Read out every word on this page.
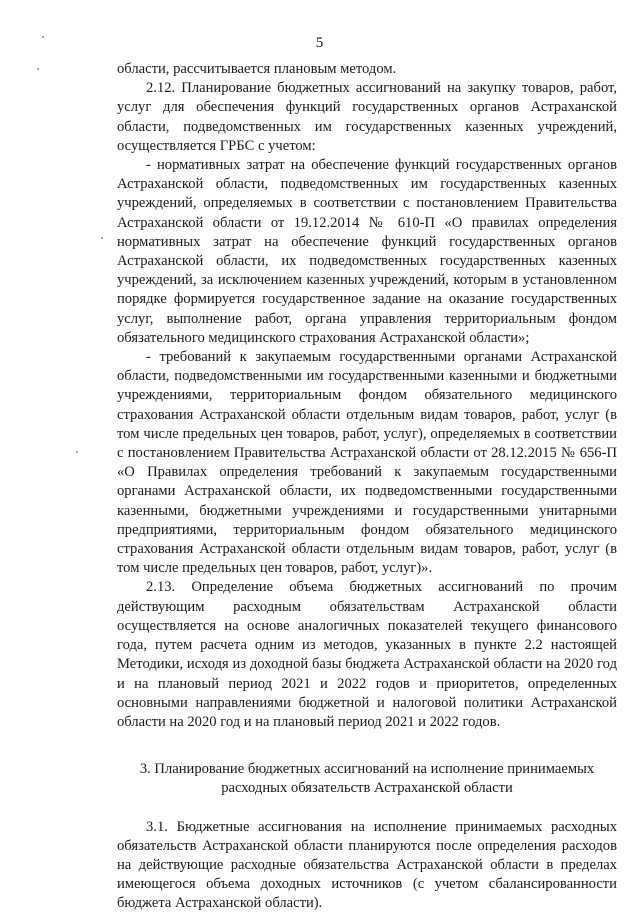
5

области, рассчитывается плановым методом.

2.12. Планирование бюджетных ассигнований на закупку товаров, работ, услуг для обеспечения функций государственных органов Астраханской области, подведомственных им государственных казенных учреждений, осуществляется ГРБС с учетом:

- нормативных затрат на обеспечение функций государственных органов Астраханской области, подведомственных им государственных казенных учреждений, определяемых в соответствии с постановлением Правительства Астраханской области от 19.12.2014 № 610-П «О правилах определения нормативных затрат на обеспечение функций государственных органов Астраханской области, их подведомственных государственных казенных учреждений, за исключением казенных учреждений, которым в установленном порядке формируется государственное задание на оказание государственных услуг, выполнение работ, органа управления территориальным фондом обязательного медицинского страхования Астраханской области»;

- требований к закупаемым государственными органами Астраханской области, подведомственными им государственными казенными и бюджетными учреждениями, территориальным фондом обязательного медицинского страхования Астраханской области отдельным видам товаров, работ, услуг (в том числе предельных цен товаров, работ, услуг), определяемых в соответствии с постановлением Правительства Астраханской области от 28.12.2015 № 656-П «О Правилах определения требований к закупаемым государственными органами Астраханской области, их подведомственными государственными казенными, бюджетными учреждениями и государственными унитарными предприятиями, территориальным фондом обязательного медицинского страхования Астраханской области отдельным видам товаров, работ, услуг (в том числе предельных цен товаров, работ, услуг)».

2.13. Определение объема бюджетных ассигнований по прочим действующим расходным обязательствам Астраханской области осуществляется на основе аналогичных показателей текущего финансового года, путем расчета одним из методов, указанных в пункте 2.2 настоящей Методики, исходя из доходной базы бюджета Астраханской области на 2020 год и на плановый период 2021 и 2022 годов и приоритетов, определенных основными направлениями бюджетной и налоговой политики Астраханской области на 2020 год и на плановый период 2021 и 2022 годов.

3. Планирование бюджетных ассигнований на исполнение принимаемых расходных обязательств Астраханской области

3.1. Бюджетные ассигнования на исполнение принимаемых расходных обязательств Астраханской области планируются после определения расходов на действующие расходные обязательства Астраханской области в пределах имеющегося объема доходных источников (с учетом сбалансированности бюджета Астраханской области).
